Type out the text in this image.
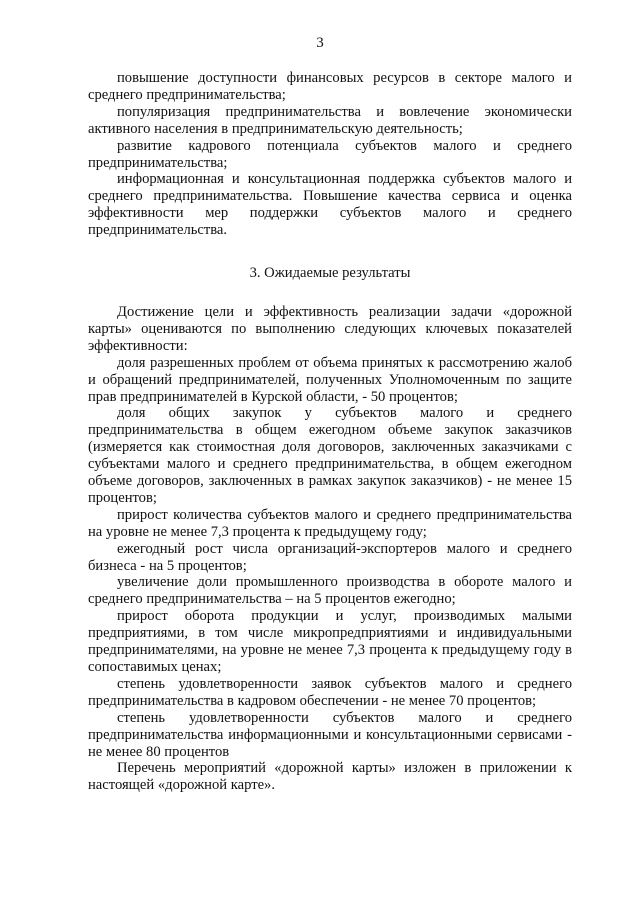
3

повышение доступности финансовых ресурсов в секторе малого и среднего предпринимательства;

популяризация предпринимательства и вовлечение экономически активного населения в предпринимательскую деятельность;

развитие кадрового потенциала субъектов малого и среднего предпринимательства;

информационная и консультационная поддержка субъектов малого и среднего предпринимательства. Повышение качества сервиса и оценка эффективности мер поддержки субъектов малого и среднего предпринимательства.

3. Ожидаемые результаты

Достижение цели и эффективность реализации задачи «дорожной карты» оцениваются по выполнению следующих ключевых показателей эффективности:

доля разрешенных проблем от объема принятых к рассмотрению жалоб и обращений предпринимателей, полученных Уполномоченным по защите прав предпринимателей в Курской области, - 50 процентов;

доля общих закупок у субъектов малого и среднего предпринимательства в общем ежегодном объеме закупок заказчиков (измеряется как стоимостная доля договоров, заключенных заказчиками с субъектами малого и среднего предпринимательства, в общем ежегодном объеме договоров, заключенных в рамках закупок заказчиков) - не менее 15 процентов;

прирост количества субъектов малого и среднего предпринимательства на уровне не менее 7,3 процента к предыдущему году;

ежегодный рост числа организаций-экспортеров малого и среднего бизнеса - на 5 процентов;

увеличение доли промышленного производства в обороте малого и среднего предпринимательства – на 5 процентов ежегодно;

прирост оборота продукции и услуг, производимых малыми предприятиями, в том числе микропредприятиями и индивидуальными предпринимателями, на уровне не менее 7,3 процента к предыдущему году в сопоставимых ценах;

степень удовлетворенности заявок субъектов малого и среднего предпринимательства в кадровом обеспечении - не менее 70 процентов;

степень удовлетворенности субъектов малого и среднего предпринимательства информационными и консультационными сервисами - не менее 80 процентов

Перечень мероприятий «дорожной карты» изложен в приложении к настоящей «дорожной карте».
